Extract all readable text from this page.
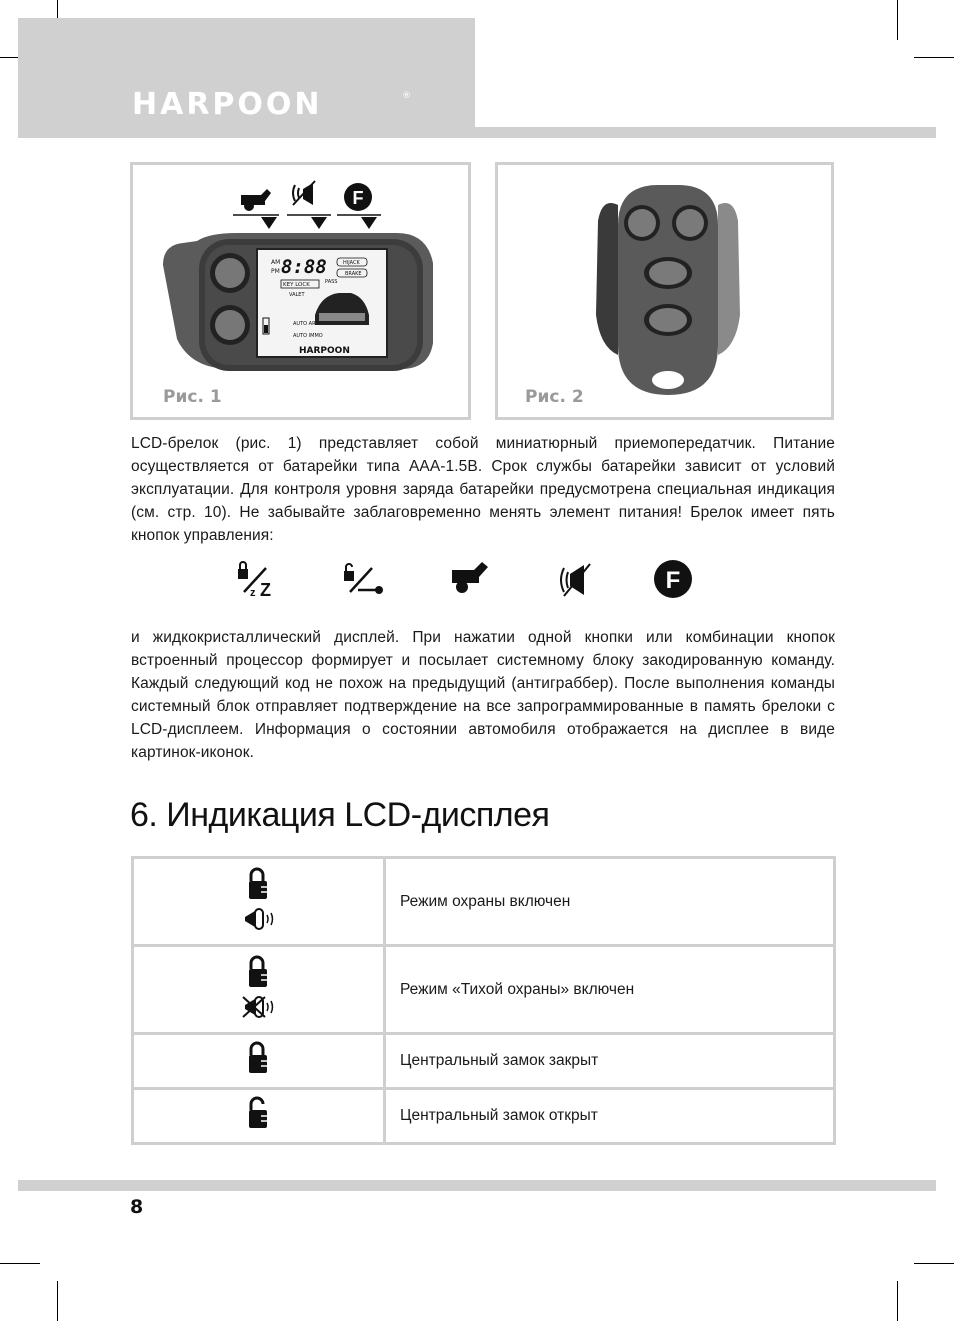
HARPOON	®
F
AM
PM 8:88	HIJACK
BRAKE
PASS
KEY LOCK
VALET
AUTO ARM
AUTO IMMO
HARPOON
Рис. 1	Рис. 2

LCD-брелок (рис. 1) представляет собой миниатюрный приемопередатчик. Питание осуществляется от батарейки типа AAA-1.5В. Срок службы батарейки зависит от условий эксплуатации. Для контроля уровня заряда батарейки предусмотрена специальная индикация (см. стр. 10). Не забывайте заблаговременно менять элемент питания! Брелок имеет пять кнопок управления:

z Z	F

и жидкокристаллический дисплей. При нажатии одной кнопки или комбинации кнопок встроенный процессор формирует и посылает системному блоку закодированную команду. Каждый следующий код не похож на предыдущий (антиграббер). После выполнения команды системный блок отправляет подтверждение на все запрограммированные в память брелоки с LCD-дисплеем. Информация о состоянии автомобиля отображается на дисплее в виде картинок-иконок.

6. Индикация LCD-дисплея
	Режим охраны включен
	Режим «Тихой охраны» включен
	Центральный замок закрыт
	Центральный замок открыт
8
